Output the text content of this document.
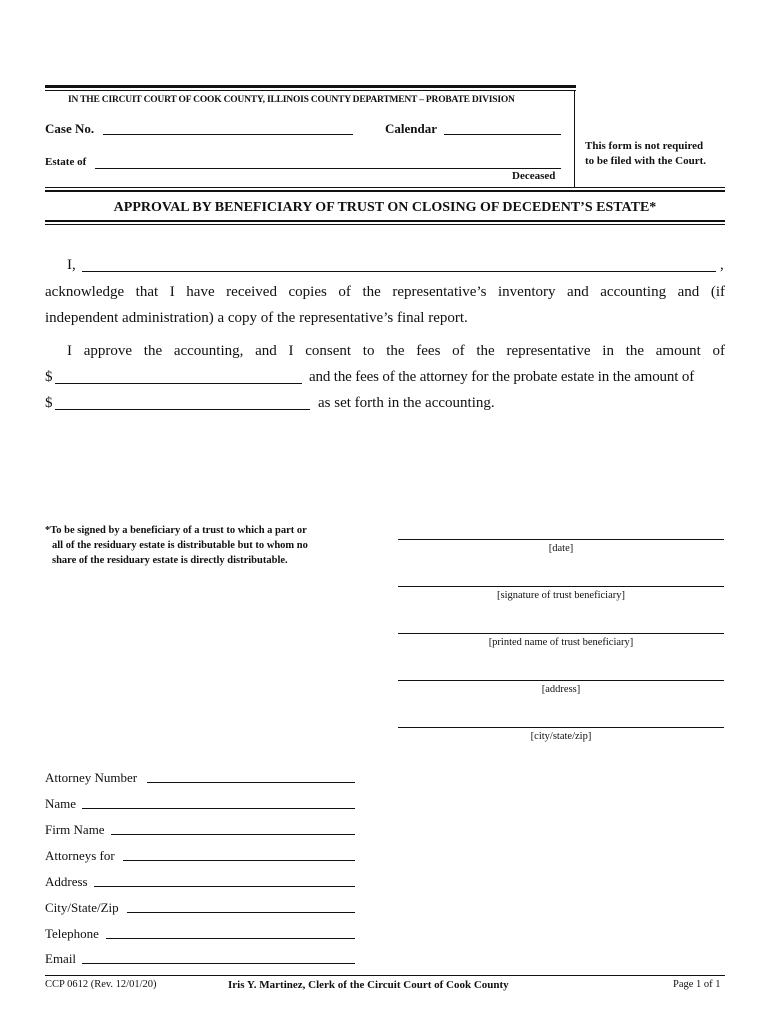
IN THE CIRCUIT COURT OF COOK COUNTY, ILLINOIS COUNTY DEPARTMENT – PROBATE DIVISION
Case No.	Calendar
Estate of
Deceased
This form is not required
to be filed with the Court.
APPROVAL BY BENEFICIARY OF TRUST ON CLOSING OF DECEDENT’S ESTATE*
I,	,
acknowledge that I have received copies of the representative’s inventory and accounting and (if
independent administration) a copy of the representative’s final report.
I approve the accounting, and I consent to the fees of the representative in the amount of
$	and the fees of the attorney for the probate estate in the amount of
$	as set forth in the accounting.
*To be signed by a beneficiary of a trust to which a part or
all of the residuary estate is distributable but to whom no
share of the residuary estate is directly distributable.
[date]
[signature of trust beneficiary]
[printed name of trust beneficiary]
[address]
[city/state/zip]
Attorney Number
Name
Firm Name
Attorneys for
Address
City/State/Zip
Telephone
Email
CCP 0612 (Rev. 12/01/20)	Iris Y. Martinez, Clerk of the Circuit Court of Cook County	Page 1 of 1
